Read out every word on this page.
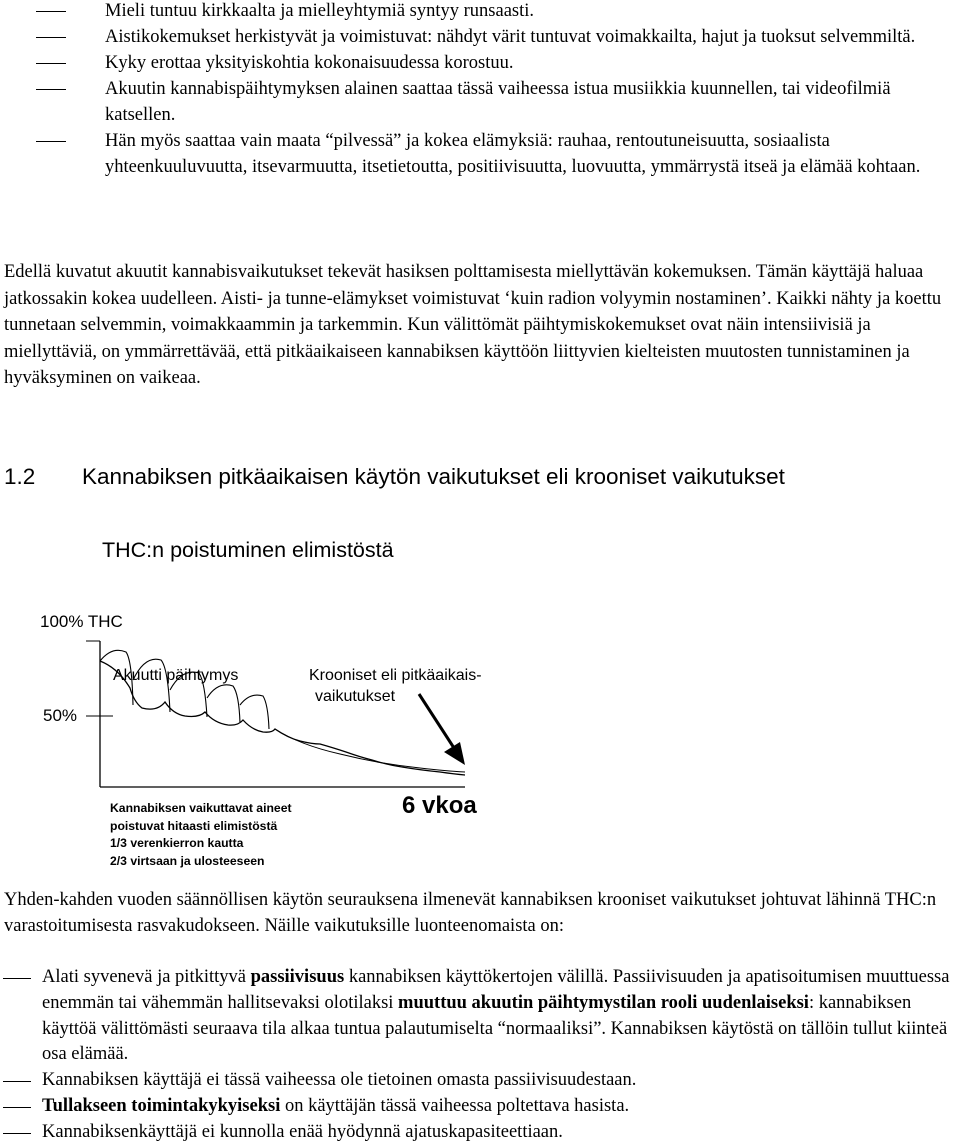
Mieli tuntuu kirkkaalta ja mielleyhtymiä syntyy runsaasti.
Aistikokemukset herkistyvät ja voimistuvat: nähdyt värit tuntuvat voimakkailta, hajut ja tuoksut selvemmiltä.
Kyky erottaa yksityiskohtia kokonaisuudessa korostuu.
Akuutin kannabispäihtymyksen alainen saattaa tässä vaiheessa istua musiikkia kuunnellen, tai videofilmiä katsellen.
Hän myös saattaa vain maata “pilvessä” ja kokea elämyksiä: rauhaa, rentoutuneisuutta, sosiaalista yhteenkuuluvuutta, itsevarmuutta, itsetietoutta, positiivisuutta, luovuutta, ymmärrystä itseä ja elämää kohtaan.

Edellä kuvatut akuutit kannabisvaikutukset tekevät hasiksen polttamisesta miellyttävän kokemuksen. Tämän käyttäjä haluaa jatkossakin kokea uudelleen. Aisti- ja tunne-elämykset voimistuvat ‘kuin radion volyymin nostaminen’. Kaikki nähty ja koettu tunnetaan selvemmin, voimakkaammin ja tarkemmin. Kun välittömät päihtymiskokemukset ovat näin intensiivisiä ja miellyttäviä, on ymmärrettävää, että pitkäaikaiseen kannabiksen käyttöön liittyvien kielteisten muutosten tunnistaminen ja hyväksyminen on vaikeaa.

1.2 Kannabiksen pitkäaikaisen käytön vaikutukset eli krooniset vaikutukset
THC:n poistuminen elimistöstä
100% THC
50%
Akuutti päihtymys	Krooniset eli pitkäaikais-
vaikutukset
6 vkoa
Kannabiksen vaikuttavat aineet
poistuvat hitaasti elimistöstä
1/3 verenkierron kautta
2/3 virtsaan ja ulosteeseen

Yhden-kahden vuoden säännöllisen käytön seurauksena ilmenevät kannabiksen krooniset vaikutukset johtuvat lähinnä THC:n varastoitumisesta rasvakudokseen. Näille vaikutuksille luonteenomaista on:

Alati syvenevä ja pitkittyvä passiivisuus kannabiksen käyttökertojen välillä. Passiivisuuden ja apatisoitumisen muuttuessa enemmän tai vähemmän hallitsevaksi olotilaksi muuttuu akuutin päihtymystilan rooli uudenlaiseksi: kannabiksen käyttöä välittömästi seuraava tila alkaa tuntua palautumiselta “normaaliksi”. Kannabiksen käytöstä on tällöin tullut kiinteä osa elämää.
Kannabiksen käyttäjä ei tässä vaiheessa ole tietoinen omasta passiivisuudestaan.
Tullakseen toimintakykyiseksi on käyttäjän tässä vaiheessa poltettava hasista.
Kannabiksenkäyttäjä ei kunnolla enää hyödynnä ajatuskapasiteettiaan.
